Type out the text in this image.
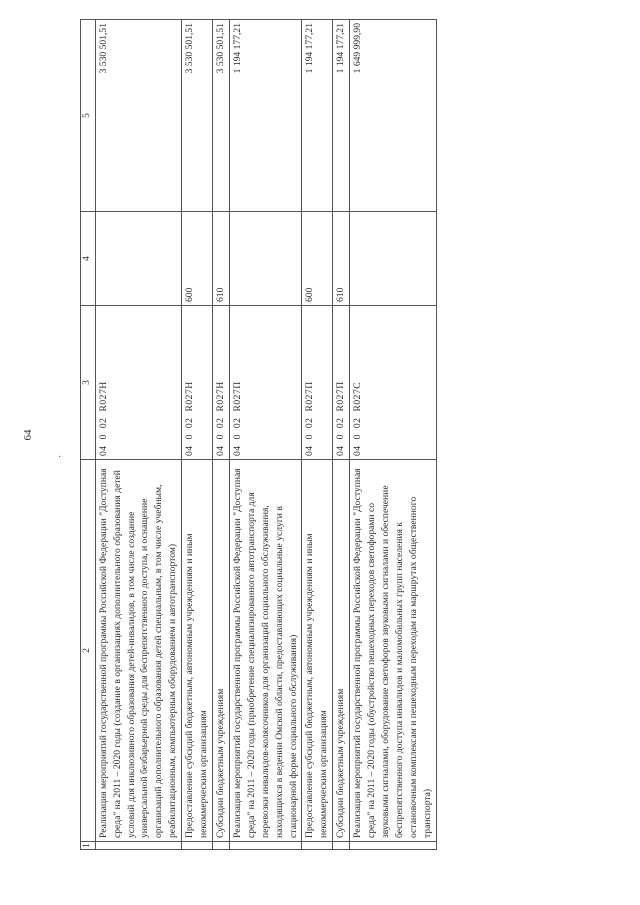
·
64
1	2	3	4	5
	Реализация мероприятий государственной программы Российской Федерации "Доступная среда" на 2011 – 2020 годы (создание в организациях дополнительного образования детей условий для инклюзивного образования детей-инвалидов, в том числе создание универсальной безбарьерной среды для беспрепятственного доступа, и оснащение организаций дополнительного образования детей специальным, в том числе учебным, реабилитационным, компьютерным оборудованием и автотранспортом)	04002R027H		3 530 501,51
	Предоставление субсидий бюджетным, автономным учреждениям и иным некоммерческим организациям	04002R027H	600	3 530 501,51
	Субсидии бюджетным учреждениям	04002R027H	610	3 530 501,51
	Реализация мероприятий государственной программы Российской Федерации "Доступная среда" на 2011 – 2020 годы (приобретение специализированного автотранспорта для перевозки инвалидов-колясочников для организаций социального обслуживания, находящихся в ведении Омской области, предоставляющих социальные услуги в стационарной форме социального обслуживания)	04002R027П		1 194 177,21
	Предоставление субсидий бюджетным, автономным учреждениям и иным некоммерческим организациям	04002R027П	600	1 194 177,21
	Субсидии бюджетным учреждениям	04002R027П	610	1 194 177,21
	Реализация мероприятий государственной программы Российской Федерации "Доступная среда" на 2011 – 2020 годы (обустройство пешеходных переходов светофорами со звуковыми сигналами, оборудование светофоров звуковыми сигналами и обеспечение беспрепятственного доступа инвалидов и маломобильных групп населения к остановочным комплексам и пешеходным переходам на маршрутах общественного транспорта)	04002R027C		1 649 999,90
